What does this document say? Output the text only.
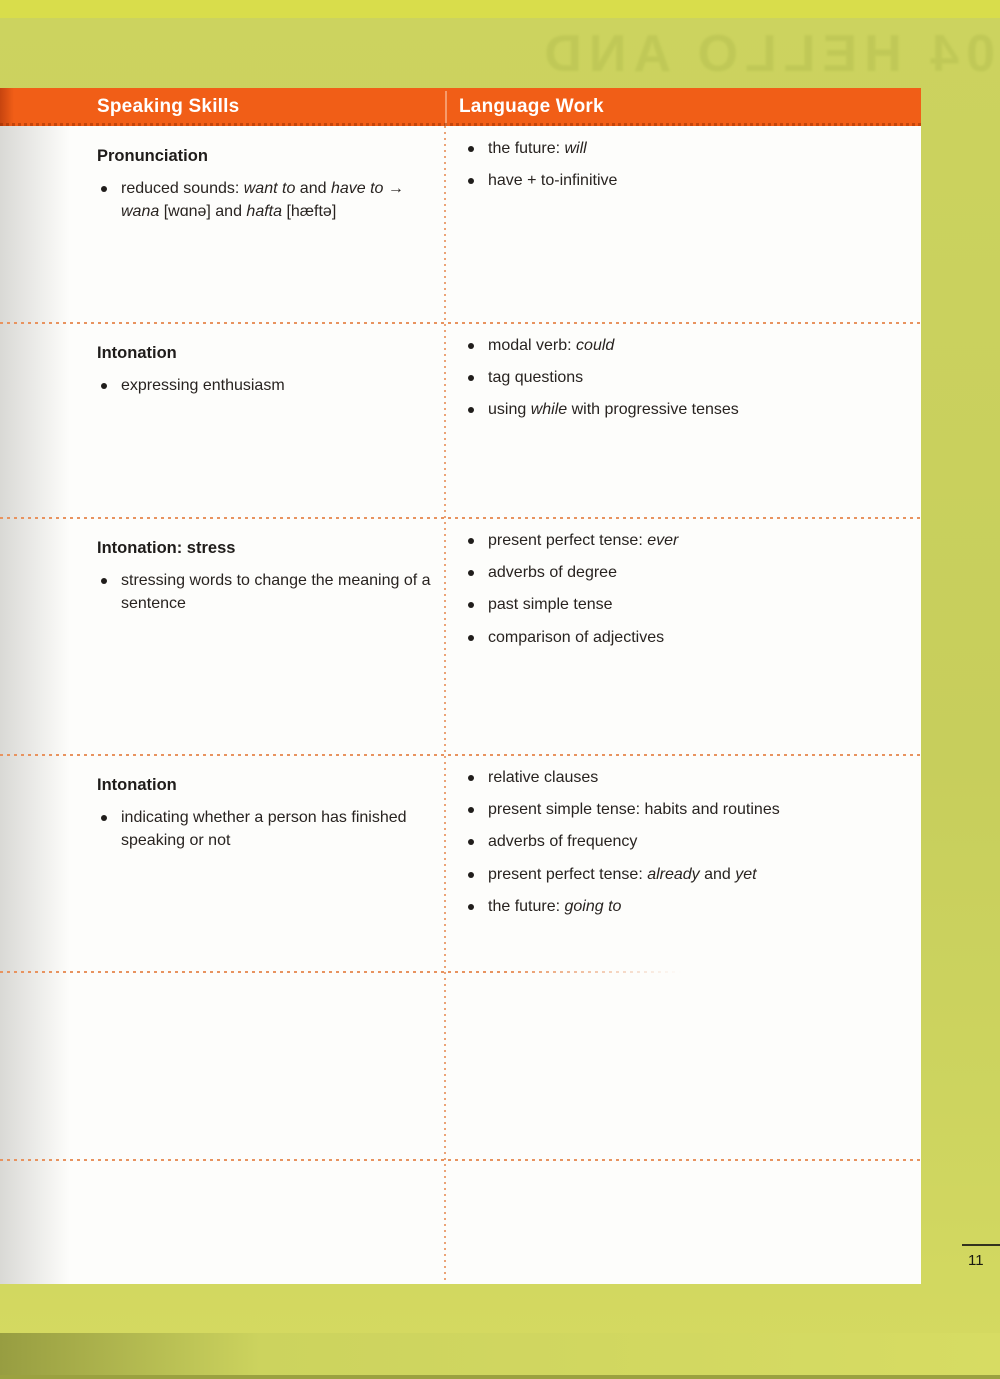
04 HELLO AND
Speaking Skills	Language Work
Pronunciation
reduced sounds: want to and have to → wana [wɑnə] and hafta [hæftə]
the future: will
have + to-infinitive
Intonation
expressing enthusiasm
modal verb: could
tag questions
using while with progressive tenses
Intonation: stress
stressing words to change the meaning of a sentence
present perfect tense: ever
adverbs of degree
past simple tense
comparison of adjectives
Intonation
indicating whether a person has finished speaking or not
relative clauses
present simple tense: habits and routines
adverbs of frequency
present perfect tense: already and yet
the future: going to
11
